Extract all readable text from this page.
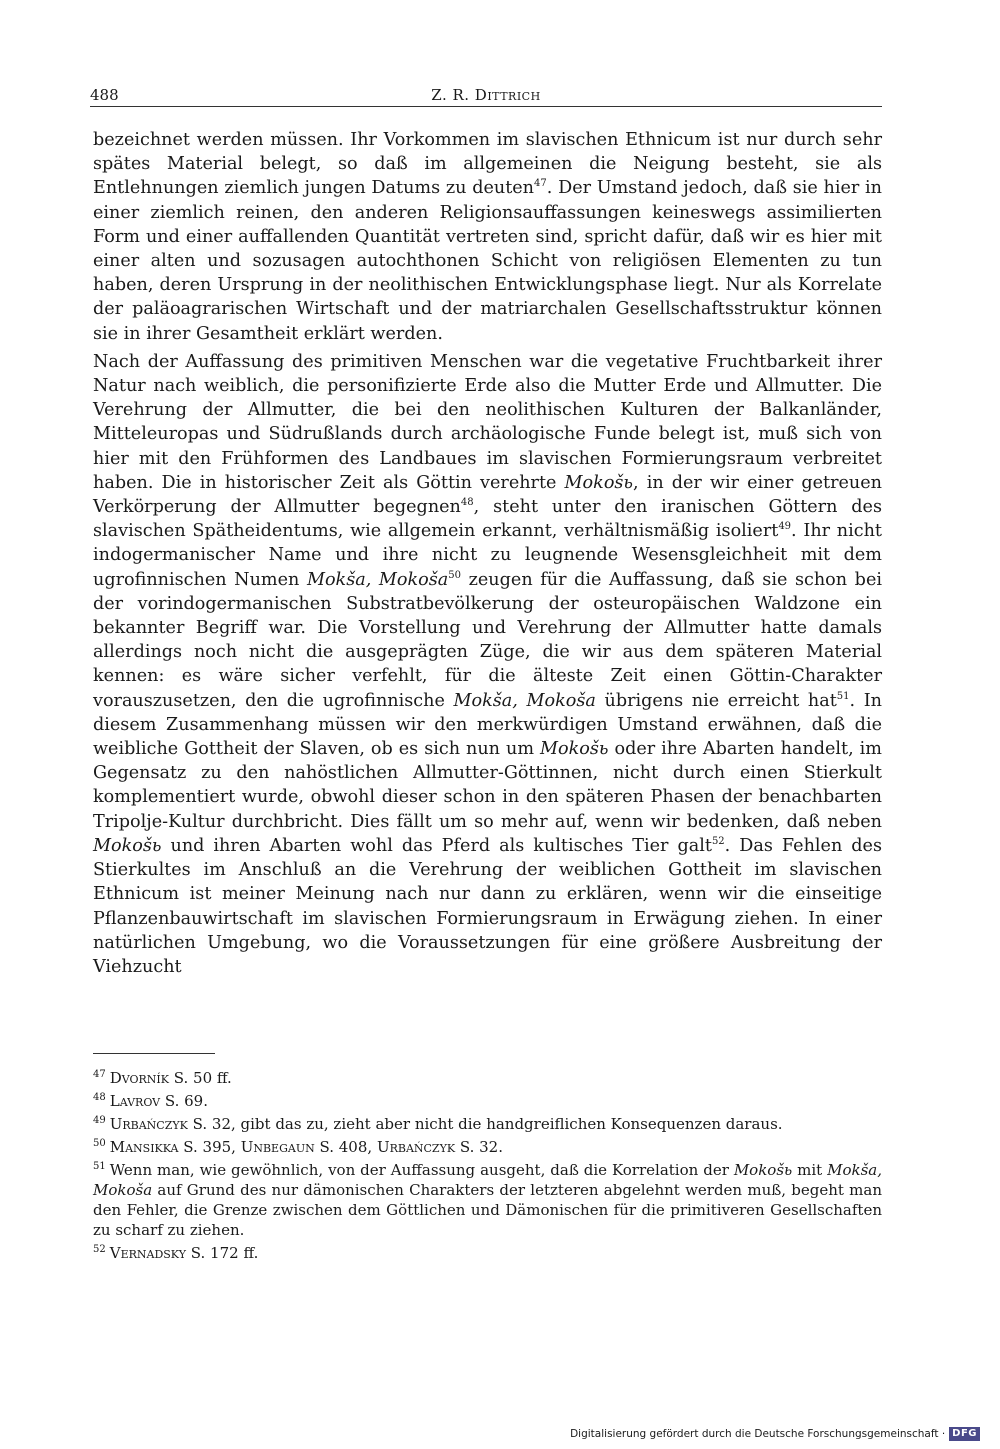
488	Z. R. Dittrich

bezeichnet werden müssen. Ihr Vorkommen im slavischen Ethnicum ist nur durch sehr spätes Material belegt, so daß im allgemeinen die Neigung besteht, sie als Entlehnungen ziemlich jungen Datums zu deuten$^{47}$. Der Umstand jedoch, daß sie hier in einer ziemlich reinen, den anderen Religionsauffassungen keineswegs assimilierten Form und einer auffallenden Quantität vertreten sind, spricht dafür, daß wir es hier mit einer alten und sozusagen autochthonen Schicht von religiösen Elementen zu tun haben, deren Ursprung in der neolithischen Entwicklungsphase liegt. Nur als Korrelate der paläoagrarischen Wirtschaft und der matriarchalen Gesellschaftsstruktur können sie in ihrer Gesamtheit erklärt werden.

Nach der Auffassung des primitiven Menschen war die vegetative Fruchtbarkeit ihrer Natur nach weiblich, die personifizierte Erde also die Mutter Erde und Allmutter. Die Verehrung der Allmutter, die bei den neolithischen Kulturen der Balkanländer, Mitteleuropas und Südrußlands durch archäologische Funde belegt ist, muß sich von hier mit den Frühformen des Landbaues im slavischen Formierungsraum verbreitet haben. Die in historischer Zeit als Göttin verehrte Mokošь, in der wir einer getreuen Verkörperung der Allmutter begegnen$^{48}$, steht unter den iranischen Göttern des slavischen Spätheidentums, wie allgemein erkannt, verhältnismäßig isoliert$^{49}$. Ihr nicht indogermanischer Name und ihre nicht zu leugnende Wesensgleichheit mit dem ugrofinnischen Numen Mokša, Mokoša$^{50}$ zeugen für die Auffassung, daß sie schon bei der vorindogermanischen Substratbevölkerung der osteuropäischen Waldzone ein bekannter Begriff war. Die Vorstellung und Verehrung der Allmutter hatte damals allerdings noch nicht die ausgeprägten Züge, die wir aus dem späteren Material kennen: es wäre sicher verfehlt, für die älteste Zeit einen Göttin-Charakter vorauszusetzen, den die ugrofinnische Mokša, Mokoša übrigens nie erreicht hat$^{51}$. In diesem Zusammenhang müssen wir den merkwürdigen Umstand erwähnen, daß die weibliche Gottheit der Slaven, ob es sich nun um Mokošь oder ihre Abarten handelt, im Gegensatz zu den nahöstlichen Allmutter-Göttinnen, nicht durch einen Stierkult komplementiert wurde, obwohl dieser schon in den späteren Phasen der benachbarten Tripolje-Kultur durchbricht. Dies fällt um so mehr auf, wenn wir bedenken, daß neben Mokošь und ihren Abarten wohl das Pferd als kultisches Tier galt$^{52}$. Das Fehlen des Stierkultes im Anschluß an die Verehrung der weiblichen Gottheit im slavischen Ethnicum ist meiner Meinung nach nur dann zu erklären, wenn wir die einseitige Pflanzenbauwirtschaft im slavischen Formierungsraum in Erwägung ziehen. In einer natürlichen Umgebung, wo die Voraussetzungen für eine größere Ausbreitung der Viehzucht

$^{47}$ Dvorník S. 50 ff.

$^{48}$ Lavrov S. 69.

$^{49}$ Urbańczyk S. 32, gibt das zu, zieht aber nicht die handgreiflichen Konsequenzen daraus.

$^{50}$ Mansikka S. 395, Unbegaun S. 408, Urbańczyk S. 32.

$^{51}$ Wenn man, wie gewöhnlich, von der Auffassung ausgeht, daß die Korrelation der Mokošь mit Mokša, Mokoša auf Grund des nur dämonischen Charakters der letzteren abgelehnt werden muß, begeht man den Fehler, die Grenze zwischen dem Göttlichen und Dämonischen für die primitiveren Gesellschaften zu scharf zu ziehen.

$^{52}$ Vernadsky S. 172 ff.

Digitalisierung gefördert durch die Deutsche Forschungsgemeinschaft · DFG
